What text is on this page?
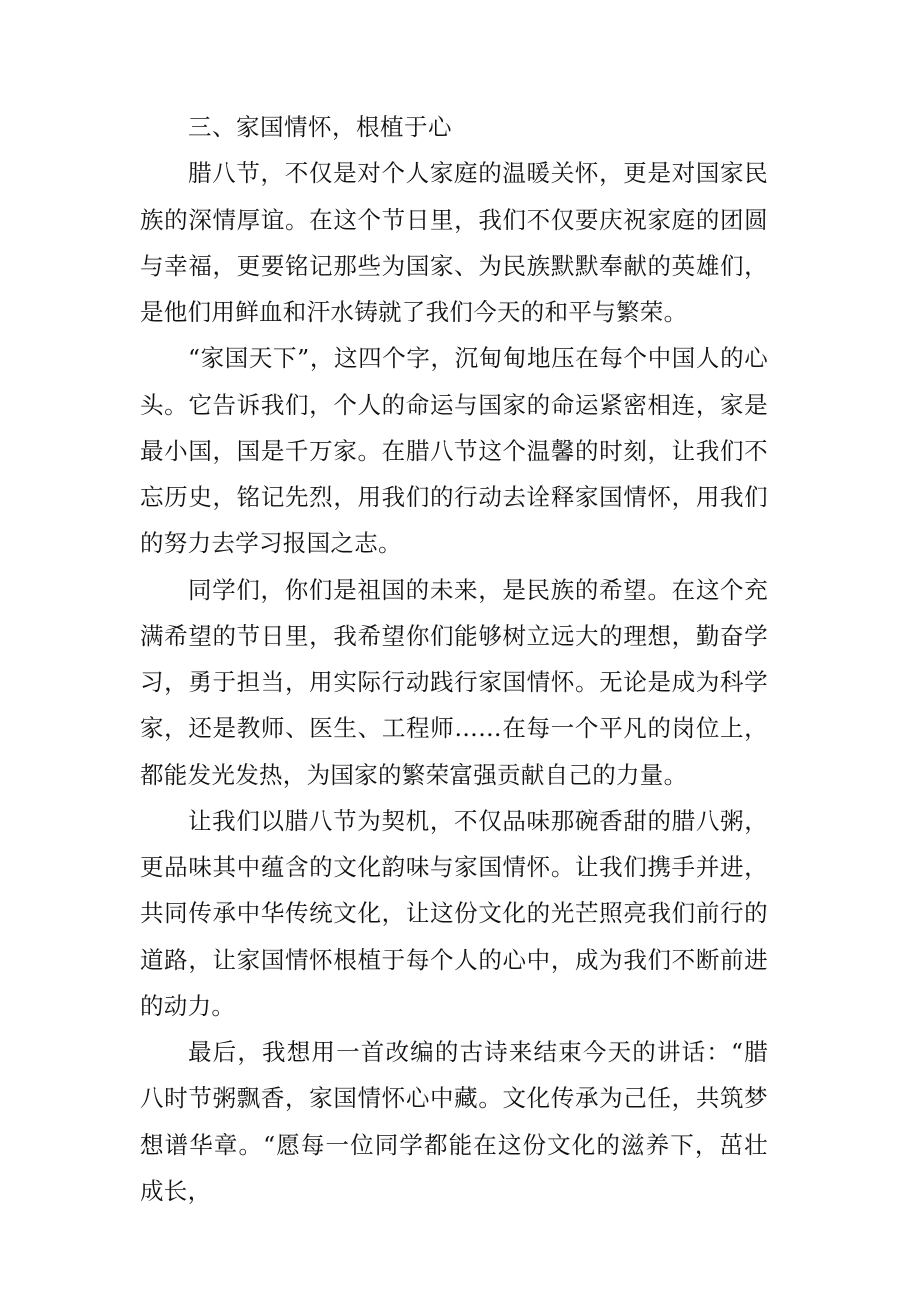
三、家国情怀，根植于心

腊八节，不仅是对个人家庭的温暖关怀，更是对国家民族的深情厚谊。在这个节日里，我们不仅要庆祝家庭的团圆与幸福，更要铭记那些为国家、为民族默默奉献的英雄们，是他们用鲜血和汗水铸就了我们今天的和平与繁荣。

“家国天下”，这四个字，沉甸甸地压在每个中国人的心头。它告诉我们，个人的命运与国家的命运紧密相连，家是最小国，国是千万家。在腊八节这个温馨的时刻，让我们不忘历史，铭记先烈，用我们的行动去诠释家国情怀，用我们的努力去学习报国之志。

同学们，你们是祖国的未来，是民族的希望。在这个充满希望的节日里，我希望你们能够树立远大的理想，勤奋学习，勇于担当，用实际行动践行家国情怀。无论是成为科学家，还是教师、医生、工程师……在每一个平凡的岗位上，都能发光发热，为国家的繁荣富强贡献自己的力量。

让我们以腊八节为契机，不仅品味那碗香甜的腊八粥，更品味其中蕴含的文化韵味与家国情怀。让我们携手并进，共同传承中华传统文化，让这份文化的光芒照亮我们前行的道路，让家国情怀根植于每个人的心中，成为我们不断前进的动力。

最后，我想用一首改编的古诗来结束今天的讲话：“腊八时节粥飘香，家国情怀心中藏。文化传承为己任，共筑梦想谱华章。“愿每一位同学都能在这份文化的滋养下，茁壮成长，
